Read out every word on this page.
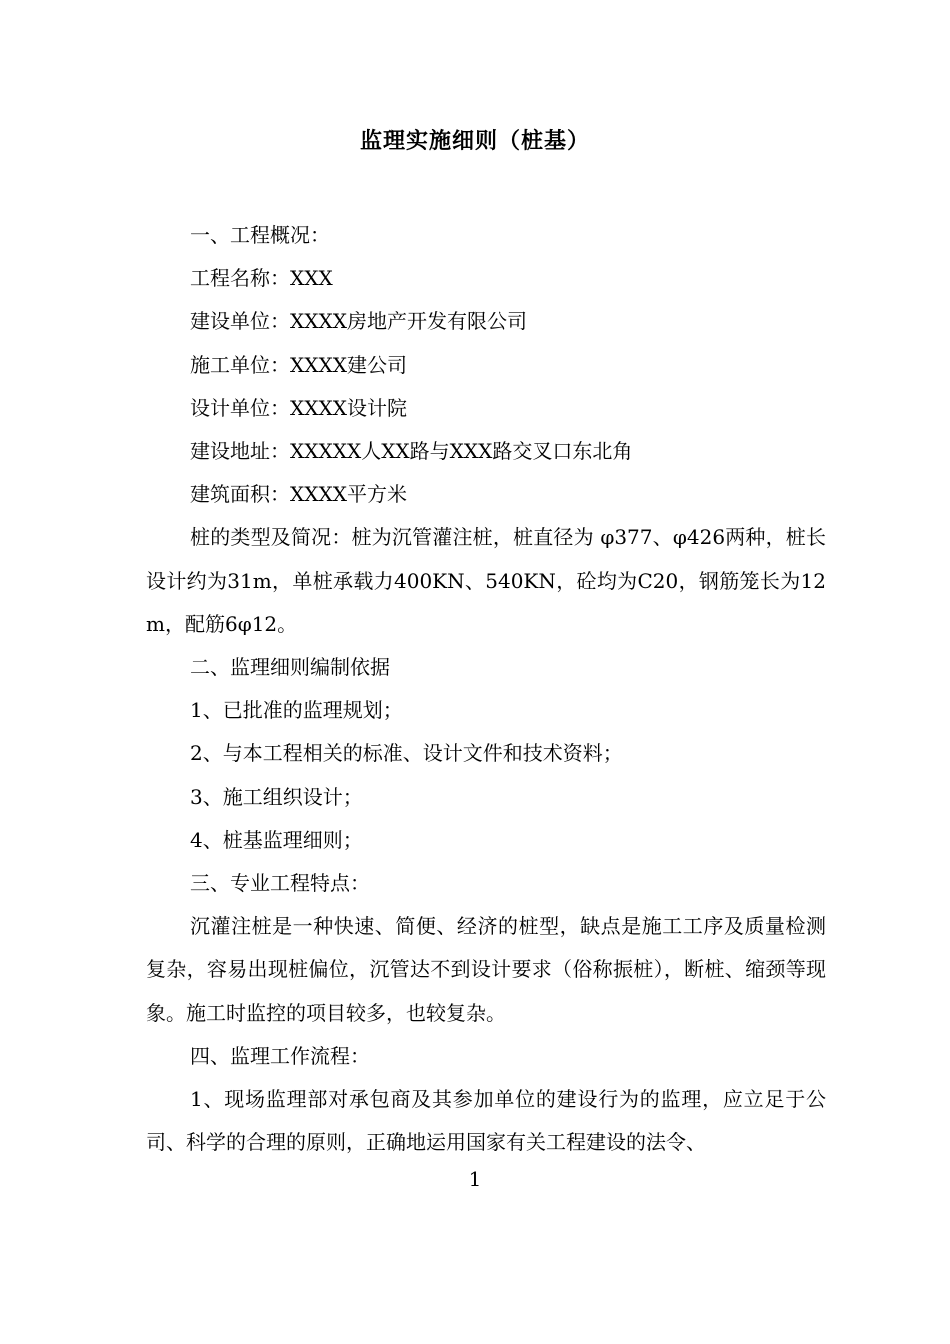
监理实施细则（桩基）

一、工程概况：

工程名称：XXX

建设单位：XXXX房地产开发有限公司

施工单位：XXXX建公司

设计单位：XXXX设计院

建设地址：XXXXX人XX路与XXX路交叉口东北角

建筑面积：XXXX平方米

桩的类型及简况：桩为沉管灌注桩，桩直径为 φ377、φ426两种，桩长设计约为31m，单桩承载力400KN、540KN，砼均为C20，钢筋笼长为12m，配筋6φ12。

二、监理细则编制依据

1、已批准的监理规划；

2、与本工程相关的标准、设计文件和技术资料；

3、施工组织设计；

4、桩基监理细则；

三、专业工程特点：

沉灌注桩是一种快速、简便、经济的桩型，缺点是施工工序及质量检测复杂，容易出现桩偏位，沉管达不到设计要求（俗称振桩），断桩、缩颈等现象。施工时监控的项目较多，也较复杂。

四、监理工作流程：

1、现场监理部对承包商及其参加单位的建设行为的监理，应立足于公司、科学的合理的原则，正确地运用国家有关工程建设的法令、

1
